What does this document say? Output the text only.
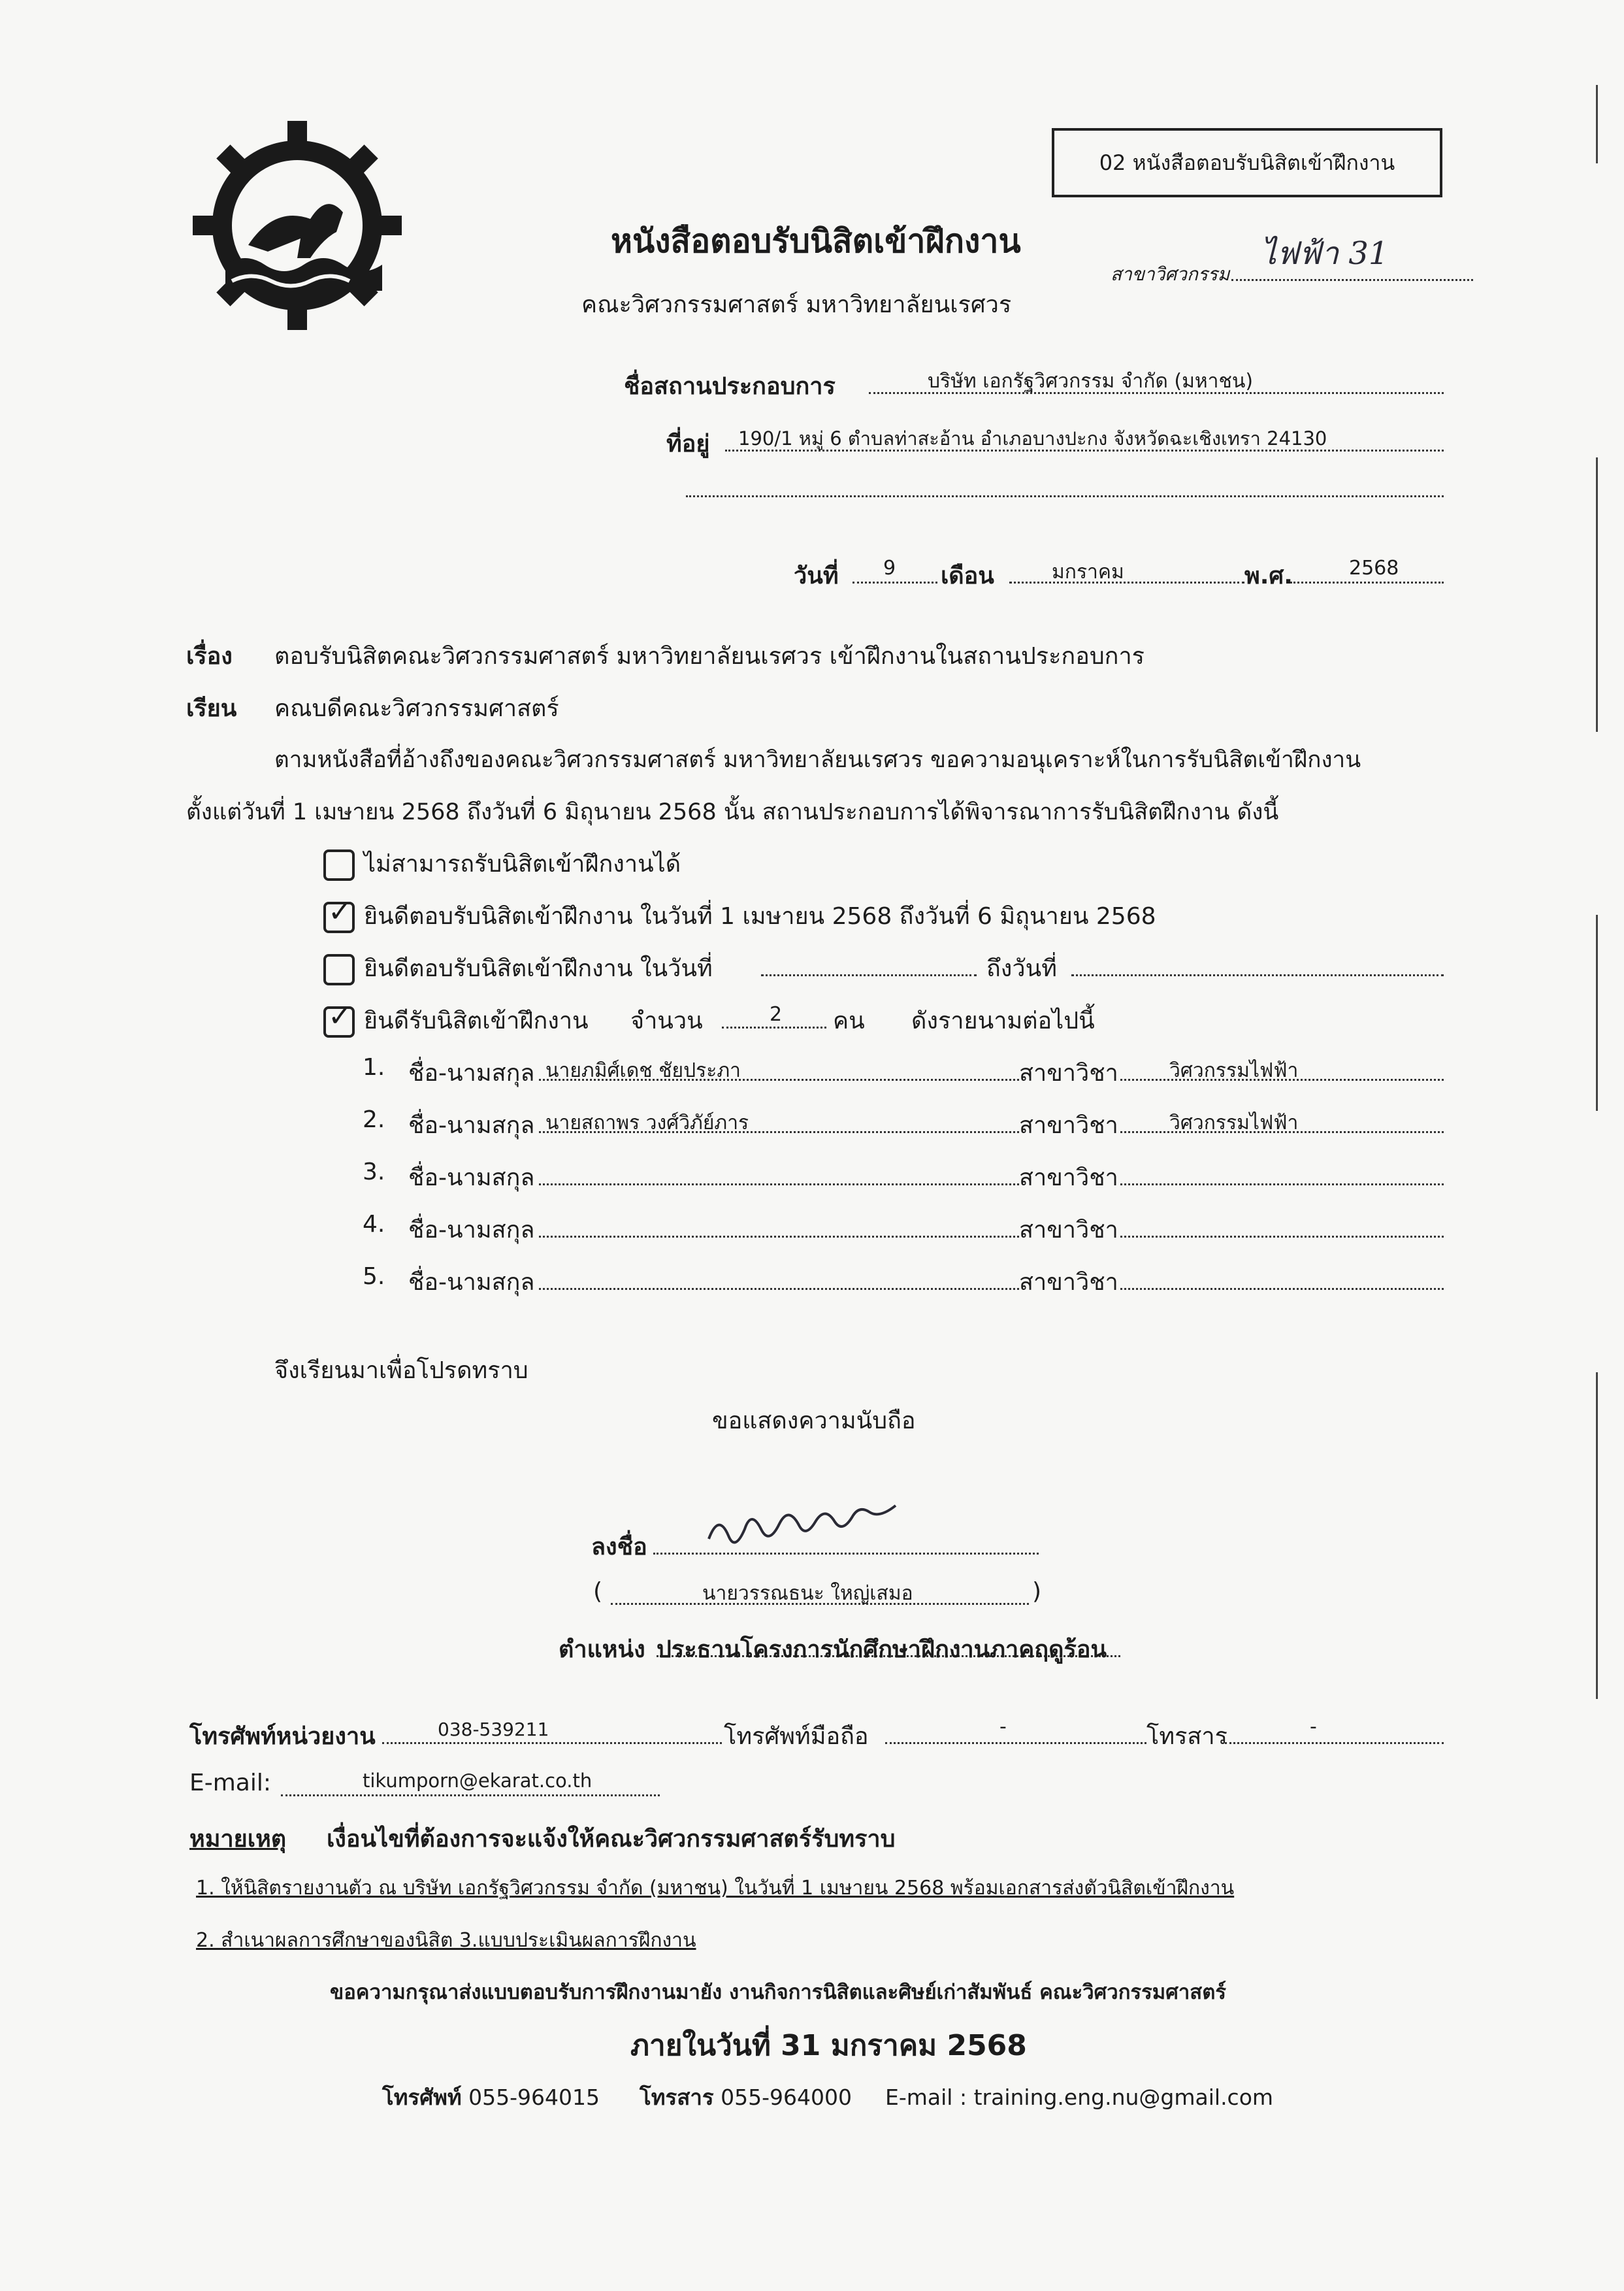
02 หนังสือตอบรับนิสิตเข้าฝึกงาน
หนังสือตอบรับนิสิตเข้าฝึกงาน
คณะวิศวกรรมศาสตร์ มหาวิทยาลัยนเรศวร
สาขาวิศวกรรม
ไฟฟ้า 31
ชื่อสถานประกอบการ	บริษัท เอกรัฐวิศวกรรม จำกัด (มหาชน)
ที่อยู่ 190/1 หมู่ 6 ตำบลท่าสะอ้าน อำเภอบางปะกง จังหวัดฉะเชิงเทรา 24130
วันที่ 9 เดือน	มกราคม	พ.ศ.	2568
เรื่อง ตอบรับนิสิตคณะวิศวกรรมศาสตร์ มหาวิทยาลัยนเรศวร เข้าฝึกงานในสถานประกอบการ
เรียน คณบดีคณะวิศวกรรมศาสตร์
ตามหนังสือที่อ้างถึงของคณะวิศวกรรมศาสตร์ มหาวิทยาลัยนเรศวร ขอความอนุเคราะห์ในการรับนิสิตเข้าฝึกงาน
ตั้งแต่วันที่ 1 เมษายน 2568 ถึงวันที่ 6 มิถุนายน 2568 นั้น สถานประกอบการได้พิจารณาการรับนิสิตฝึกงาน ดังนี้
ไม่สามารถรับนิสิตเข้าฝึกงานได้
✓ ยินดีตอบรับนิสิตเข้าฝึกงาน ในวันที่ 1 เมษายน 2568 ถึงวันที่ 6 มิถุนายน 2568
ยินดีตอบรับนิสิตเข้าฝึกงาน ในวันที่	ถึงวันที่
✓ ยินดีรับนิสิตเข้าฝึกงาน จำนวน	2 คน ดังรายนามต่อไปนี้
1. ชื่อ-นามสกุล นายภมิศ์เดช ชัยประภา	สาขาวิชา	วิศวกรรมไฟฟ้า
2. ชื่อ-นามสกุล นายสถาพร วงศ์วิภัย์ภาร	สาขาวิชา	วิศวกรรมไฟฟ้า
3. ชื่อ-นามสกุล	สาขาวิชา
4. ชื่อ-นามสกุล	สาขาวิชา
5. ชื่อ-นามสกุล	สาขาวิชา
จึงเรียนมาเพื่อโปรดทราบ
ขอแสดงความนับถือ
ลงชื่อ
(	นายวรรณธนะ ใหญ่เสมอ	)
ตำแหน่ง ประธานโครงการนักศึกษาฝึกงานภาคฤดูร้อน
โทรศัพท์หน่วยงาน	038-539211	โทรศัพท์มือถือ	-	โทรสาร	-
E-mail:	tikumporn@ekarat.co.th
หมายเหตุ เงื่อนไขที่ต้องการจะแจ้งให้คณะวิศวกรรมศาสตร์รับทราบ
1. ให้นิสิตรายงานตัว ณ บริษัท เอกรัฐวิศวกรรม จำกัด (มหาชน) ในวันที่ 1 เมษายน 2568 พร้อมเอกสารส่งตัวนิสิตเข้าฝึกงาน
2. สำเนาผลการศึกษาของนิสิต 3.แบบประเมินผลการฝึกงาน
ขอความกรุณาส่งแบบตอบรับการฝึกงานมายัง งานกิจการนิสิตและศิษย์เก่าสัมพันธ์ คณะวิศวกรรมศาสตร์
ภายในวันที่ 31 มกราคม 2568
โทรศัพท์ 055-964015 โทรสาร 055-964000 E-mail : training.eng.nu@gmail.com
